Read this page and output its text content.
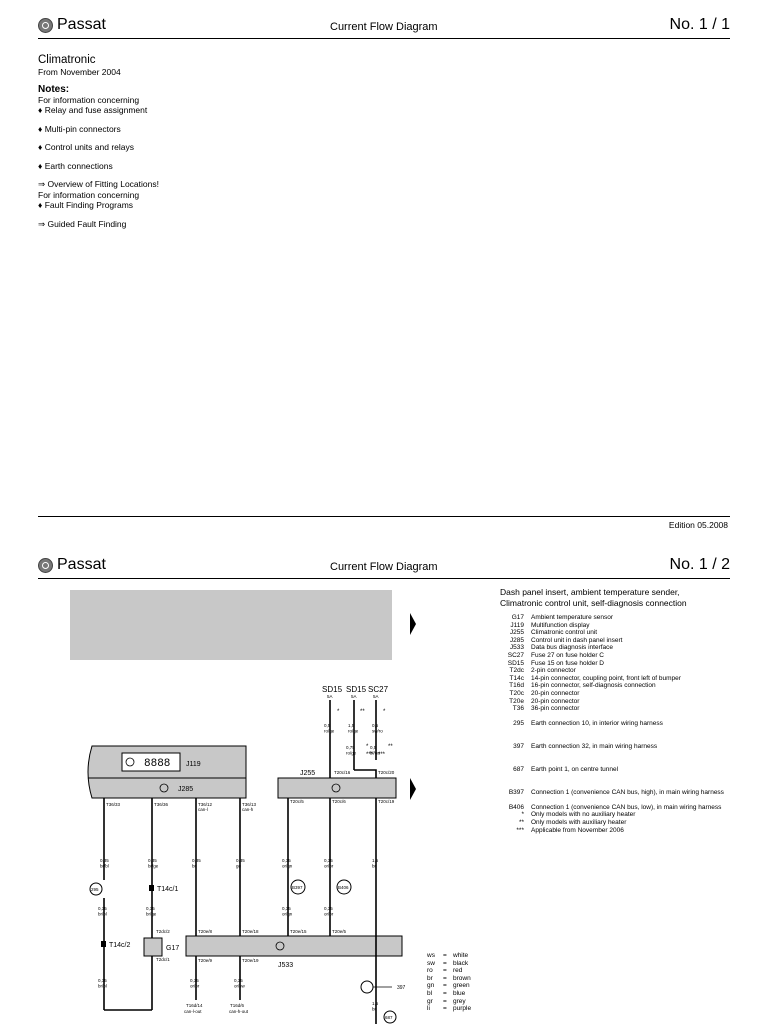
Passat	Current Flow Diagram	No. 1 / 1
Climatronic
From November 2004
Notes:
For information concerning
♦ Relay and fuse assignment
♦ Multi-pin connectors
♦ Control units and relays
♦ Earth connections
⇒ Overview of Fitting Locations!
For information concerning
♦ Fault Finding Programs
⇒ Guided Fault Finding
Edition 05.2008
Passat	Current Flow Diagram	No. 1 / 2
Dash panel insert, ambient temperature sender,
Climatronic control unit, self-diagnosis connection
G17 Ambient temperature sensor
J119 Multifunction display
J255 Climatronic control unit
J285 Control unit in dash panel insert
J533 Data bus diagnosis interface
SC27 Fuse 27 on fuse holder C
SD15 Fuse 15 on fuse holder D
T2dc 2-pin connector
T14c 14-pin connector, coupling point, front left of bumper
T16d 16-pin connector, self-diagnosis connection
T20c 20-pin connector
T20e 20-pin connector
T36 36-pin connector

295 Earth connection 10, in interior wiring harness

397 Earth connection 32, in main wiring harness

687 Earth point 1, on centre tunnel

B397 Connection 1 (convenience CAN bus, high), in main wiring harness

B406 Connection 1 (convenience CAN bus, low), in main wiring harness
* Only models with no auxiliary heater
** Only models with auxiliary heater
*** Applicable from November 2006
ws	= white
sw	= black
ro	= red
br	= brown
gn	= green
bl	= blue
gr	= grey
li	= purple
8888 J119
J285
J255
J533
G17
T2dc/2
T2dc/1
T14c/1
T14c/2
295	B397	B406
397
687
SD15 SD15 SC27
5A	5A	5A
T36/33	T36/36	T36/12	T36/13
can-l	can-h
0,35
br/bl
0,35
br/ge
0,35
br
0,35
ge
T20c/5	T20c/6
T20c/16
T20c/19
T20c/20
0,35
or/gn
0,35
or/br
1,5
br
0,5
ro/ge
1,5
ro/ge
0,5
sw/ro
0,75
ro/ge
0,5
bl/ws
0,35
br/bl
0,35
br/ge
0,35
or/gn
0,35
or/br
T20e/8	T20e/18	T20e/15	T20e/5
T20e/9	T20e/19
0,35
br/bl
0,35
or/br
0,35
or/sw
T16d/14	T16d/6
can-l-out	can-h-out
1,5
br
*	**	*
*	**
***
***
